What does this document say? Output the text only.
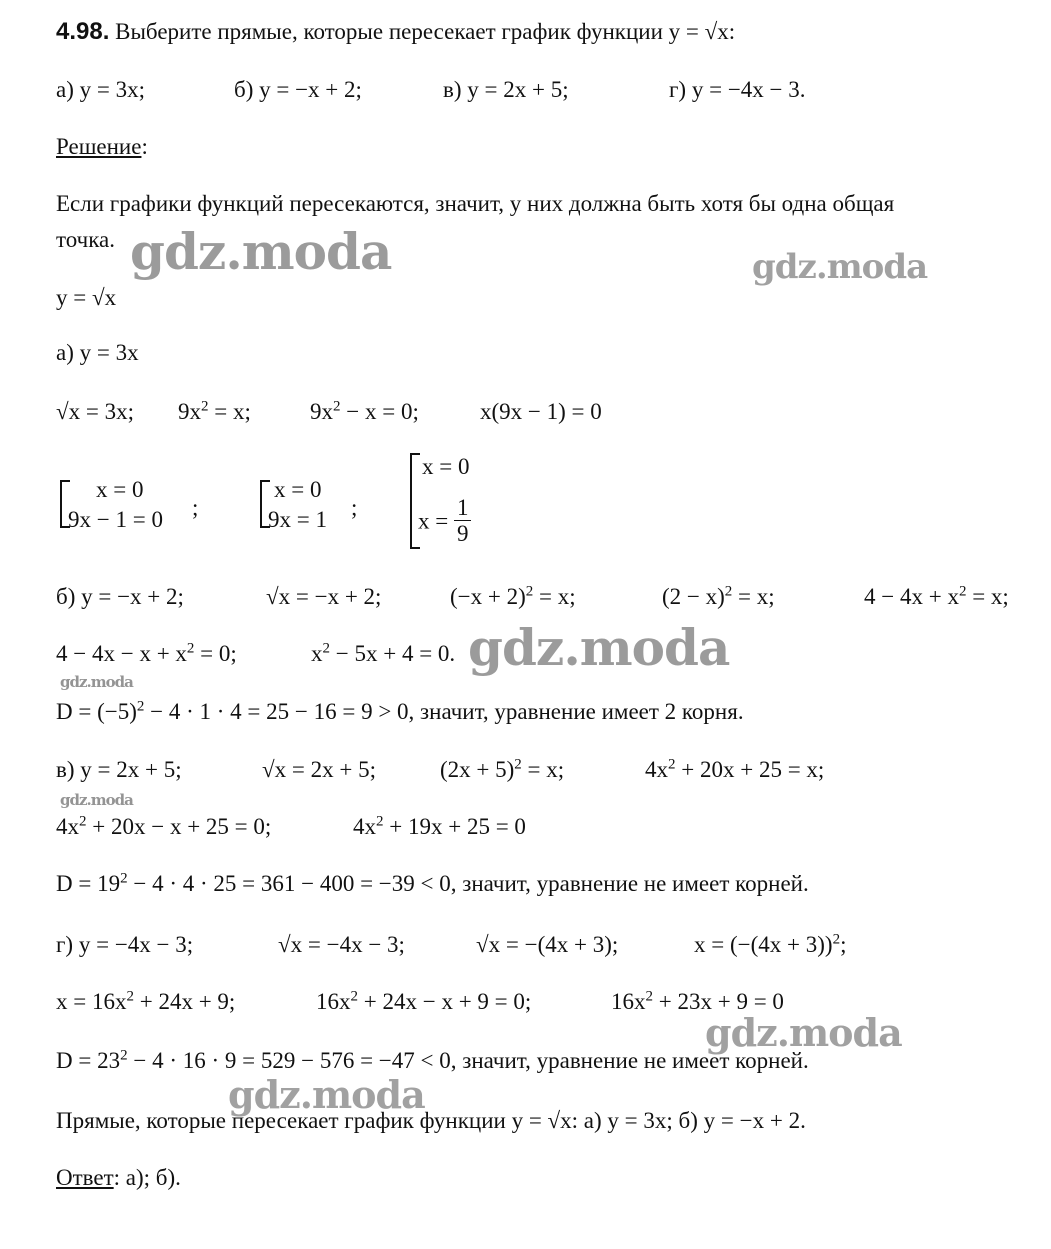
4.98. Выберите прямые, которые пересекает график функции y = √x:
а) y = 3x;	б) y = −x + 2;	в) y = 2x + 5;	г) y = −4x − 3.
Решение:
Если графики функций пересекаются, значит, у них должна быть хотя бы одна общая
точка.
y = √x
а) y = 3x
√x = 3x; $9x^2 = x$;	$9x^2 - x = 0$;	x(9x − 1) = 0
x = 0
9x − 1 = 0 ;
x = 0
9x = 1 ;
x = 0
$x = \frac{1}{9}$
б) y = −x + 2;	√x = −x + 2;	$(-x + 2)^2 = x$;	$(2 - x)^2 = x$;	$4 - 4x + x^2 = x$;
$4 - 4x - x + x^2 = 0$;	$x^2 - 5x + 4 = 0$.
$D = (-5)^2 - 4 \cdot 1 \cdot 4 = 25 - 16 = 9 > 0$, значит, уравнение имеет 2 корня.
в) y = 2x + 5;	√x = 2x + 5;	$(2x + 5)^2 = x$;	$4x^2 + 20x + 25 = x$;
$4x^2 + 20x - x + 25 = 0$;	$4x^2 + 19x + 25 = 0$
$D = 19^2 - 4 \cdot 4 \cdot 25 = 361 - 400 = -39 < 0$, значит, уравнение не имеет корней.
г) y = −4x − 3;	√x = −4x − 3;	√x = −(4x + 3);	$x = (-(4x + 3))^2$;
$x = 16x^2 + 24x + 9$;	$16x^2 + 24x - x + 9 = 0$;	$16x^2 + 23x + 9 = 0$
$D = 23^2 - 4 \cdot 16 \cdot 9 = 529 - 576 = -47 < 0$, значит, уравнение не имеет корней.
Прямые, которые пересекает график функции y = √x: а) y = 3x; б) y = −x + 2.
Ответ: а); б).
gdz.moda	gdz.moda
gdz.moda
gdz.moda
gdz.moda
gdz.moda
gdz.moda
